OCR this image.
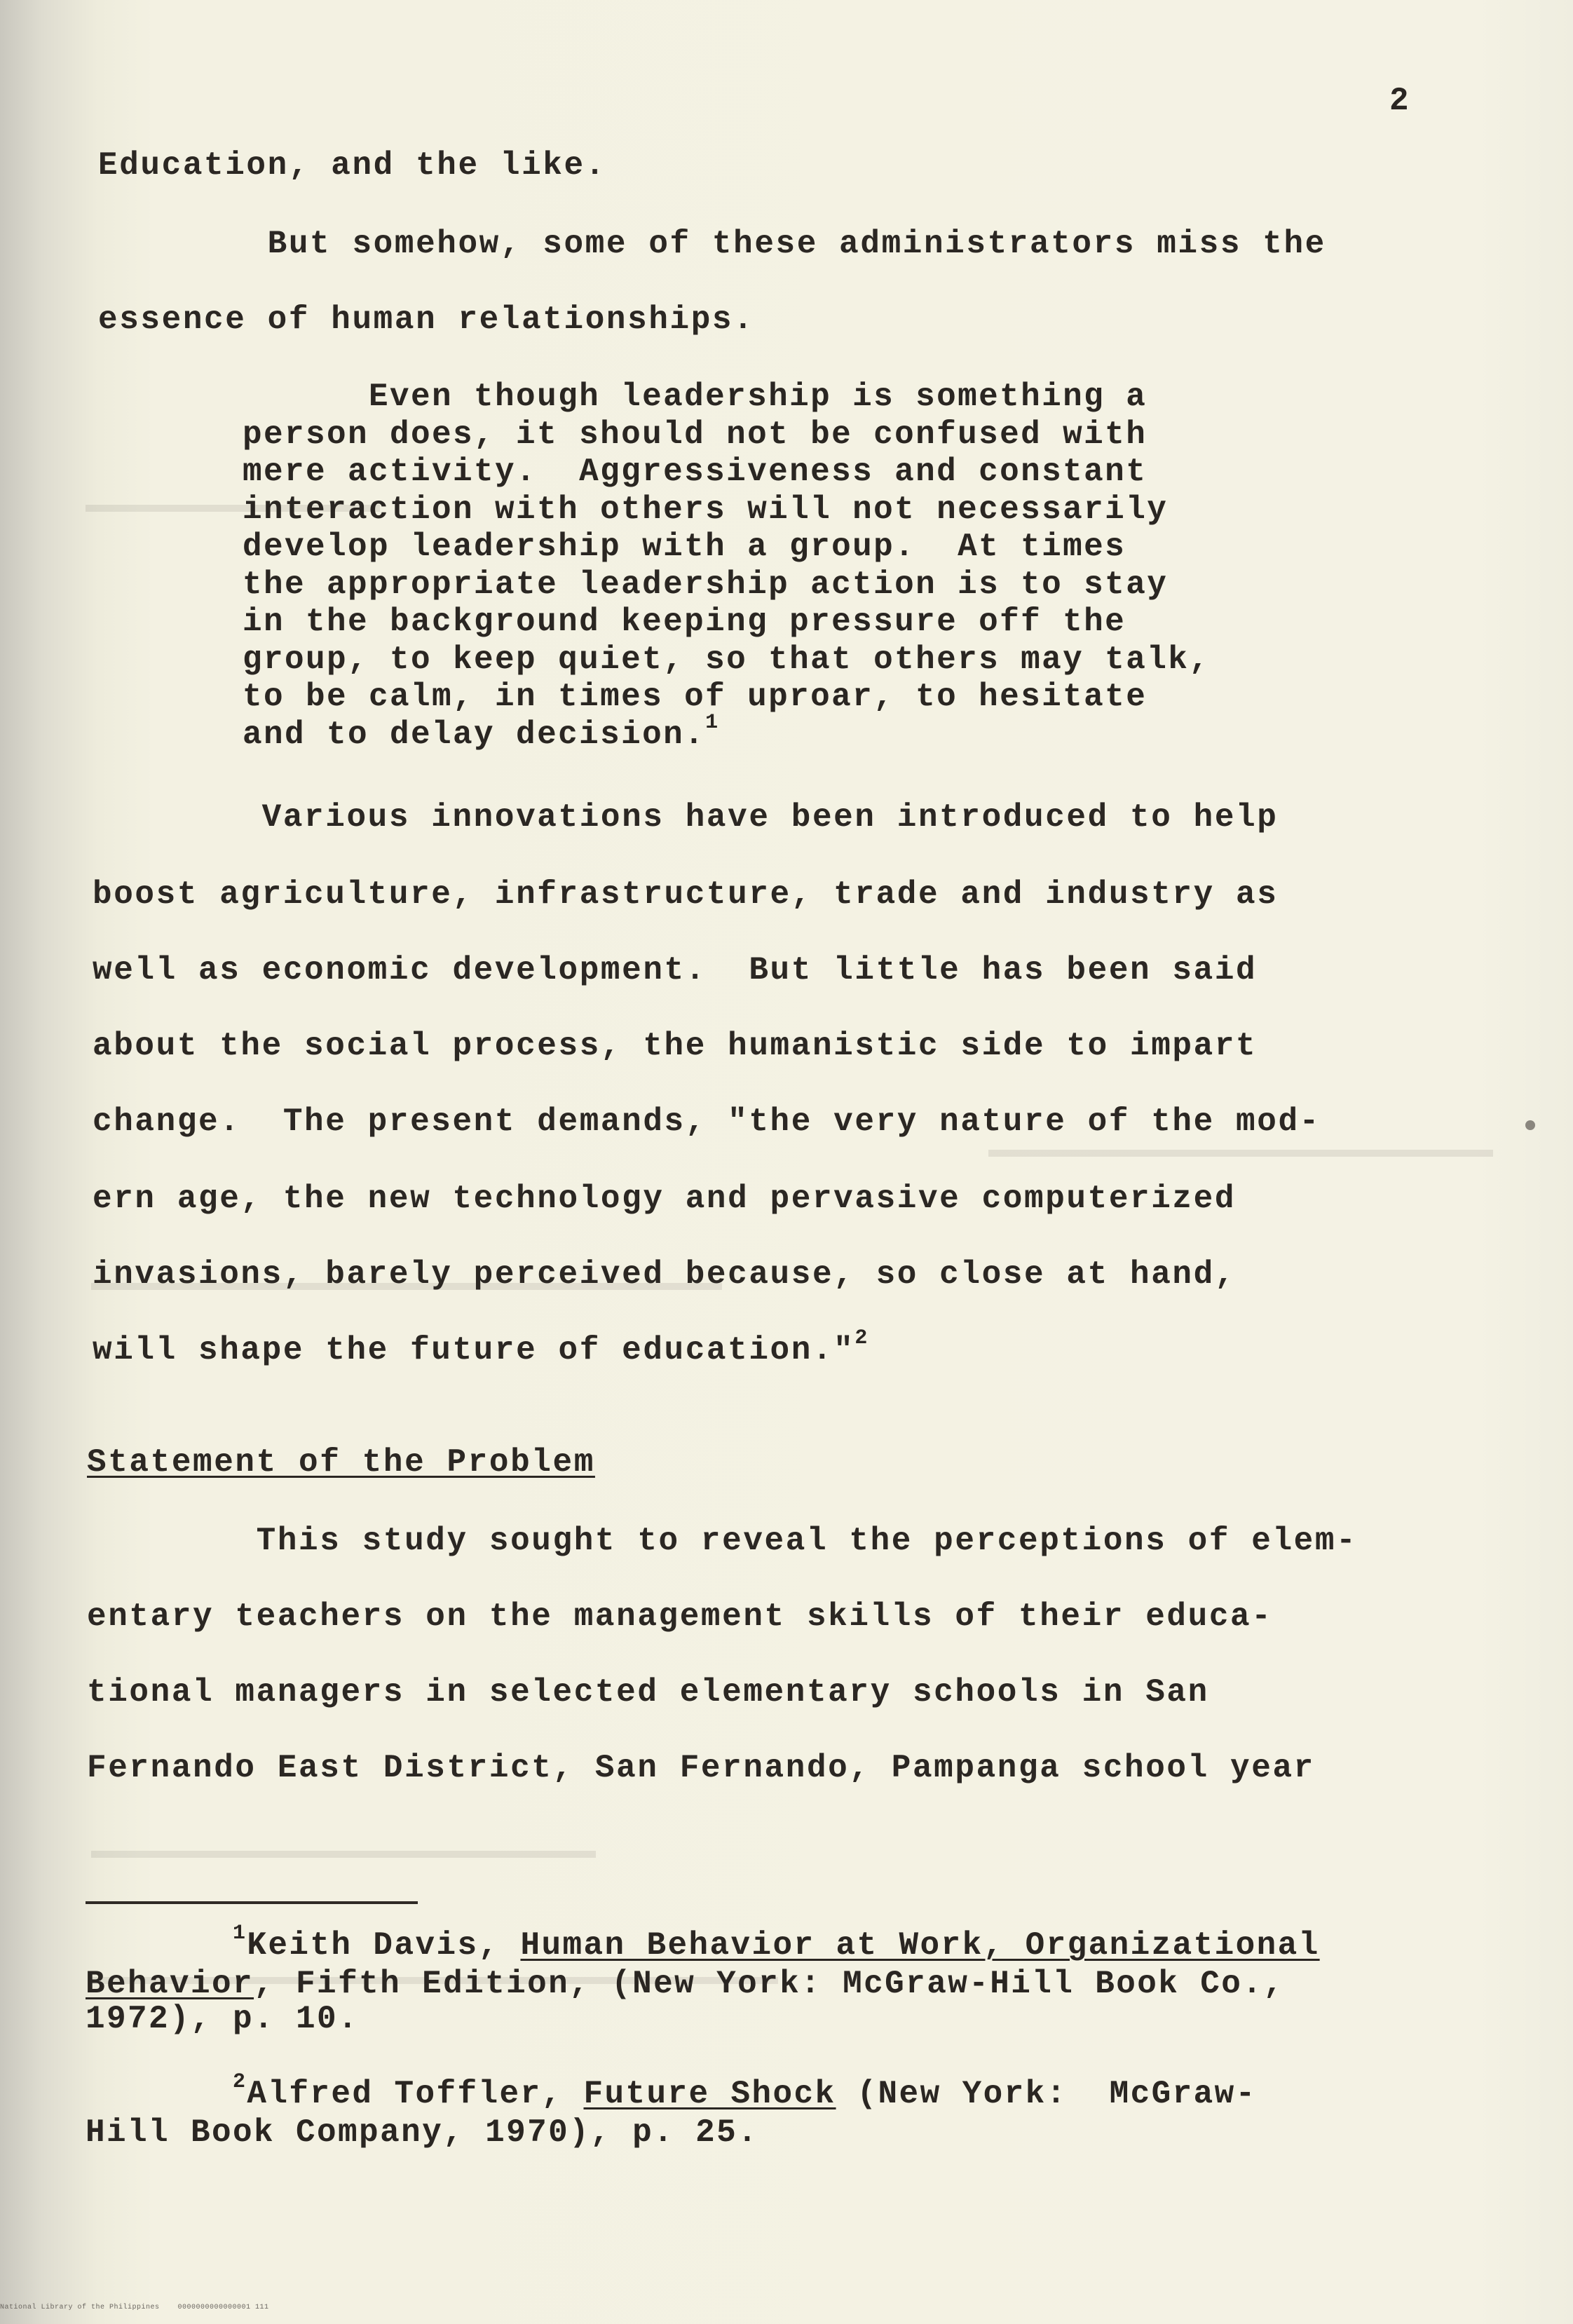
2
Education, and the like.
But somehow, some of these administrators miss the
essence of human relationships.
Even though leadership is something a
person does, it should not be confused with
mere activity.  Aggressiveness and constant
interaction with others will not necessarily
develop leadership with a group.  At times
the appropriate leadership action is to stay
in the background keeping pressure off the
group, to keep quiet, so that others may talk,
to be calm, in times of uproar, to hesitate
and to delay decision.$^1$
Various innovations have been introduced to help
boost agriculture, infrastructure, trade and industry as
well as economic development.  But little has been said
about the social process, the humanistic side to impart
change.  The present demands, "the very nature of the mod-
ern age, the new technology and pervasive computerized
invasions, barely perceived because, so close at hand,
will shape the future of education."$^2$
Statement of the Problem
This study sought to reveal the perceptions of elem-
entary teachers on the management skills of their educa-
tional managers in selected elementary schools in San
Fernando East District, San Fernando, Pampanga school year
$^1$Keith Davis, Human Behavior at Work, Organizational
Behavior, Fifth Edition, (New York: McGraw-Hill Book Co.,
1972), p. 10.
$^2$Alfred Toffler, Future Shock (New York:  McGraw-
Hill Book Company, 1970), p. 25.
National Library of the Philippines    0000000000000001 111
